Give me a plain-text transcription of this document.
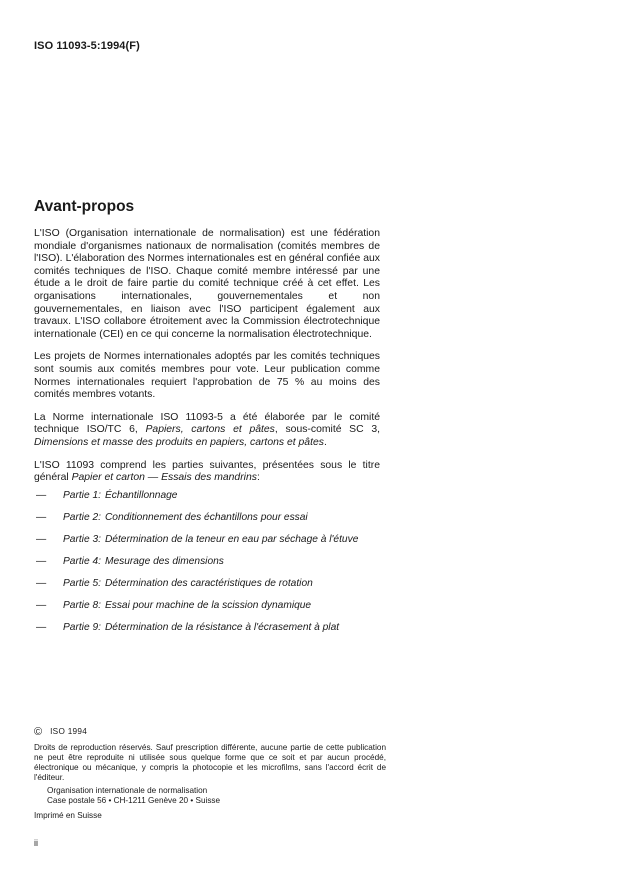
ISO 11093-5:1994(F)
Avant-propos

L'ISO (Organisation internationale de normalisation) est une fédération mondiale d'organismes nationaux de normalisation (comités membres de l'ISO). L'élaboration des Normes internationales est en général confiée aux comités techniques de l'ISO. Chaque comité membre intéressé par une étude a le droit de faire partie du comité technique créé à cet effet. Les organisations internationales, gouvernementales et non gouvernementales, en liaison avec l'ISO participent également aux travaux. L'ISO collabore étroitement avec la Commission électrotechnique internationale (CEI) en ce qui concerne la normalisation électrotechnique.

Les projets de Normes internationales adoptés par les comités techniques sont soumis aux comités membres pour vote. Leur publication comme Normes internationales requiert l'approbation de 75 % au moins des comités membres votants.

La Norme internationale ISO 11093-5 a été élaborée par le comité technique ISO/TC 6, Papiers, cartons et pâtes, sous-comité SC 3, Dimensions et masse des produits en papiers, cartons et pâtes.

L'ISO 11093 comprend les parties suivantes, présentées sous le titre général Papier et carton — Essais des mandrins:

—	Partie 1: Échantillonnage
—	Partie 2: Conditionnement des échantillons pour essai
—	Partie 3: Détermination de la teneur en eau par séchage à l'étuve
—	Partie 4: Mesurage des dimensions
—	Partie 5: Détermination des caractéristiques de rotation
—	Partie 8: Essai pour machine de la scission dynamique
—	Partie 9: Détermination de la résistance à l'écrasement à plat
© ISO 1994

Droits de reproduction réservés. Sauf prescription différente, aucune partie de cette publication ne peut être reproduite ni utilisée sous quelque forme que ce soit et par aucun procédé, électronique ou mécanique, y compris la photocopie et les microfilms, sans l'accord écrit de l'éditeur.

Organisation internationale de normalisation
Case postale 56 • CH-1211 Genève 20 • Suisse
Imprimé en Suisse
ii
